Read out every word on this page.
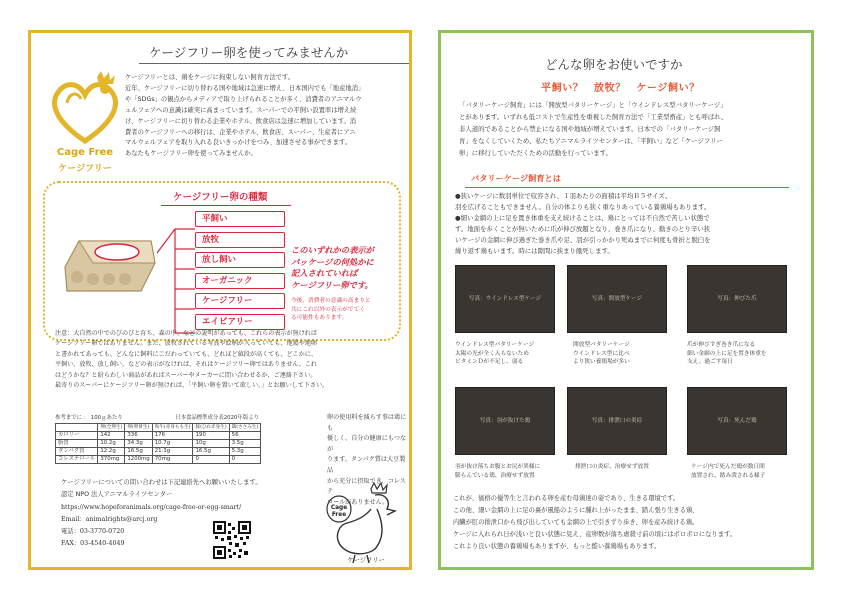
Cage Free
ケージフリー
ケージフリー卵を使ってみませんか
ケージフリーとは、鶏をケージに拘束しない飼育方法です。
近年、ケージフリーに切り替わる国や地域は急速に増え、日本国内でも「地産地消」
や「SDGs」の観点からメディアで取り上げられることが多く、消費者のアニマルウ
ェルフェアへの意識は確実に高まっています。スーパーでの平飼い設置率は増え続
け、ケージフリーに切り替わる企業やホテル、飲食店は急速に増加しています。消
費者のケージフリーへの移行は、企業やホテル、飲食店、スーパー、生産者にアニ
マルウェルフェアを取り入れる良いきっかけをつみ、加速させる事ができます。
あなたもケージフリー卵を使ってみませんか。
ケージフリー卵の種類
平飼い
放牧
放し飼い
オーガニック
ケージフリー
エイビアリー
このいずれかの表示が
パッケージの何処かに
記入されていれば
ケージフリー卵です。
今後、消費者の意識の高まりと
共にこれ以外の表示がでてく
る可能性もあります。
注意：大自然の中でのびのびと育ち、森の中、などの説明があっても、これらの表示が無ければ
ケージフリー卵ではありません。また、放牧されている写真や絵柄が入っていても、地鶏や地卵
と書かれてあっても、どんなに飼料にこだわっていても、どれほど値段が高くても、どこかに、
平飼い、放牧、放し飼い、などの表示がなければ、それはケージフリー卵ではありません。これ
はどうかな？と紛らわしい商品があればスーパーやメーカーに問い合わせるか、ご連絡下さい。
最寄りのスーパーにケージフリー卵が無ければ、「平飼い卵を置いて欲しい。」とお願いして下さい。
参考までに ： 100ｇあたり	日本食品標準成分表2020年版より
	卵(全卵生)	卵(卵黄生)	和牛(赤身もも生)	豚(ひれ赤身生)	鶏(ささみ生)
カロリー	142	336	176	190	56
脂質	10.2g	34.3g	10.7g	10g	3.5g
タンパク質	12.2g	16.5g	21.3g	16.5g	5.3g
コレステロール	370mg	1200mg	70mg	0	0
卵の使用料を減らす事は鶏にも
優しく、自分の健康にもつなが
ります。タンパク質は大豆製品
から充分に摂取でき、コレステ
ロールがありません。
ケージフリーについての問い合わせは下記連絡先へお願いいたします。
認定 NPO 法人アニマルライツセンター
https://www.hopeforanimals.org/cage-free-or-egg-smart/
Email：animalrights@arcj.org
電話：03-3770-0720
FAX：03-4540-4049
Cage
Free
ケージフリー
どんな卵をお使いですか
平飼い？　放牧？　ケージ飼い？
「バタリーケージ飼育」には「開放型バタリーケージ」と「ウインドレス型バタリーケージ」
とがあります。いずれも低コストで生産性を重視した飼育方法で「工業型畜産」とも呼ばれ、
非人道的であることから禁止になる国や地域が増えています。日本での「バタリーケージ飼
育」をなくしていくため、私たちアニマルライツセンターは、「平飼い」など「ケージフリー
卵」に移行していただくための活動を行っています。
バタリーケージ飼育とは
●狭いケージに数羽単位で収容され、１羽あたりの面積は平均Ｂ５サイズ。
羽を広げることもできません。自分の体よりも狭く重なりあっている養鶏場もあります。
●細い金網の上に足を置き体重を支え続けることは、鶏にとっては不自然で苦しい状態で
す。地面を歩くことが無いために爪が伸び放題となり、巻き爪になり、動きのとり辛い狭
いケージの金網に伸び過ぎた巻き爪や足、羽が引っかかり死ぬまでに何度も骨折と脱臼を
繰り返す鶏もいます。時には隙間に挟まり餓死します。
写真：ウインドレス型ケージ	写真：開放型ケージ	写真：伸びた爪
ウインドレス型バタリーケージ
太陽の光が全く入らないため
ビタミンＤが不足し、弱る
開放型バタリーケージ
ウインドレス型に比べ
より狭い養鶏場が多い
爪が伸びすぎ巻き爪になる
細い金網の上に足を置き体重を
支え、過ごす毎日
写真：羽が抜けた鶏	写真：排泄口の炎症	写真：死んだ鶏
羽が抜け落ちお腹とお尻が異様に
膨らんでいる鶏、治療せず放置
排泄口の炎症、治療せず放置	ケージ内で死んだ鶏が数日間
放置され、踏み潰される様子
これが、価格の優等生と言われる卵を産む母鶏達の姿であり、生きる環境です。
この他、細い金網の上に足の裏が風船のように腫れ上がったまま、踏ん張り生きる鶏、
内臓が肛の排泄口から飛び出していても金網の上で引きずり歩き、卵を産み続ける鶏。
ケージに入れられ日が浅いと良い状態に見え、産卵数が落ち虐殺寸前の頃にはボロボロになります。
これより良い状態の養鶏場もありますが、もっと酷い養鶏場もあります。
